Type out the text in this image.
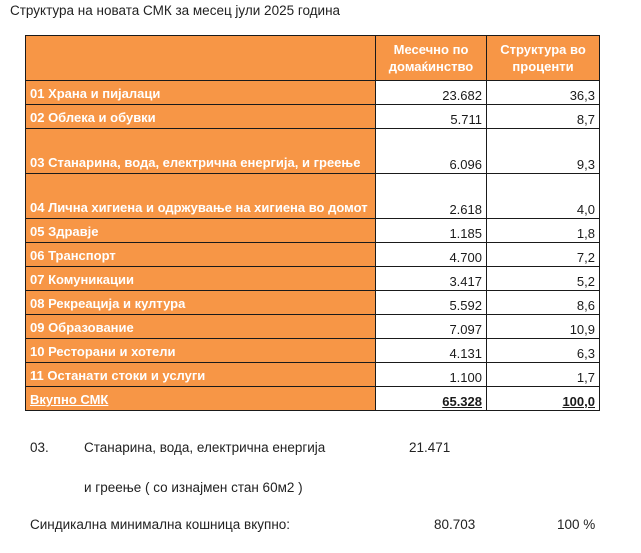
Структура на новата СМК за месец јули 2025 година
	Месечно по домаќинство	Структура во проценти
01 Храна и пијалаци	23.682	36,3
02 Облека и обувки	5.711	8,7
03 Станарина, вода, електрична енергија, и греење	6.096	9,3
04 Лична хигиена и одржување на хигиена во домот	2.618	4,0
05 Здравје	1.185	1,8
06 Транспорт	4.700	7,2
07 Комуникации	3.417	5,2
08 Рекреација и култура	5.592	8,6
09 Образование	7.097	10,9
10 Ресторани и хотели	4.131	6,3
11 Останати стоки и услуги	1.100	1,7
Вкупно СМК	65.328	100,0
03.	Станарина, вода, електрична енергија
и греење ( со изнајмен стан 60м2 )
21.471
Синдикална минимална кошница вкупно:	80.703	100 %
